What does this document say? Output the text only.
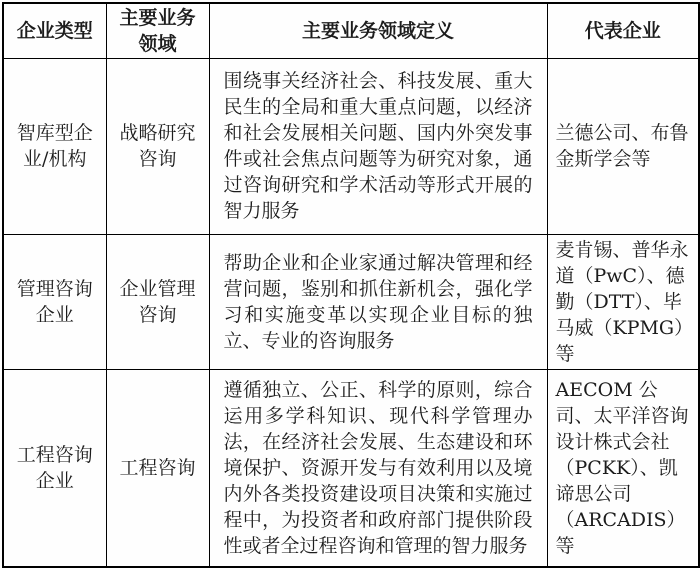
企业类型	主要业务领域	主要业务领域定义	代表企业
智库型企业/机构	战略研究咨询	围绕事关经济社会、科技发展、重大民生的全局和重大重点问题，以经济和社会发展相关问题、国内外突发事件或社会焦点问题等为研究对象，通过咨询研究和学术活动等形式开展的智力服务	兰德公司、布鲁金斯学会等
管理咨询企业	企业管理咨询	帮助企业和企业家通过解决管理和经营问题，鉴别和抓住新机会，强化学习和实施变革以实现企业目标的独立、专业的咨询服务	麦肯锡、普华永道（PwC）、德勤（DTT）、毕马威（KPMG）等
工程咨询企业	工程咨询	遵循独立、公正、科学的原则，综合运用多学科知识、现代科学管理办法，在经济社会发展、生态建设和环境保护、资源开发与有效利用以及境内外各类投资建设项目决策和实施过程中，为投资者和政府部门提供阶段性或者全过程咨询和管理的智力服务	AECOM 公司、太平洋咨询设计株式会社（PCKK）、凯谛思公司（ARCADIS）等
